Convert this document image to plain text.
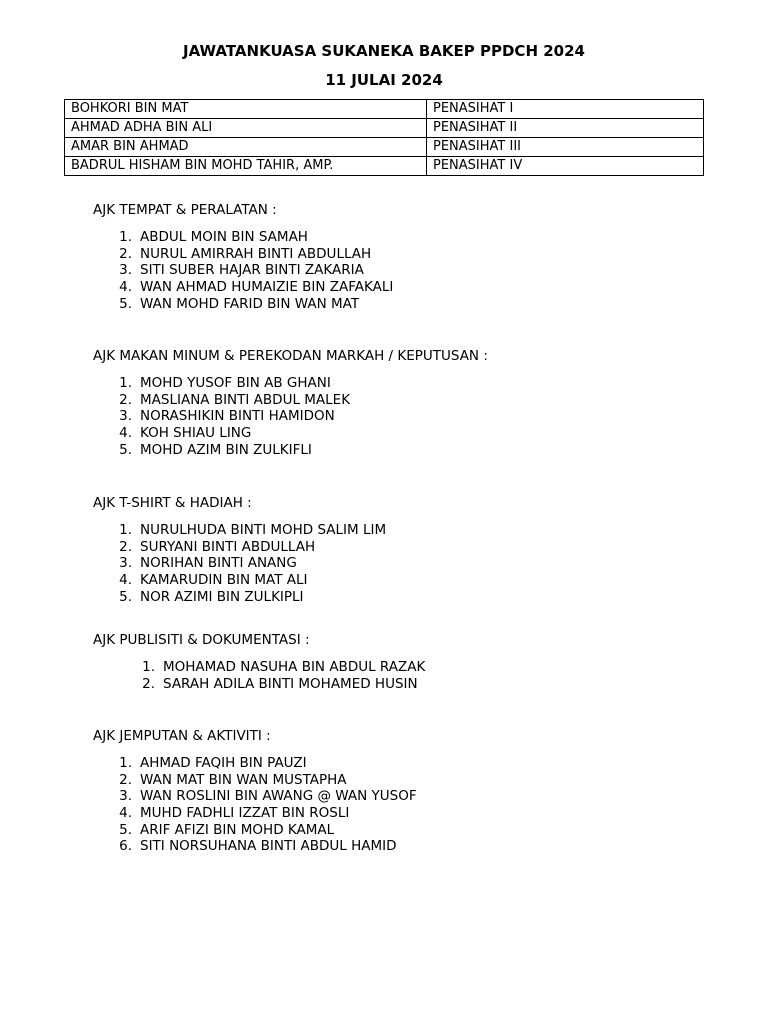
JAWATANKUASA SUKANEKA BAKEP PPDCH 2024
11 JULAI 2024
BOHKORI BIN MAT	PENASIHAT I
AHMAD ADHA BIN ALI	PENASIHAT II
AMAR BIN AHMAD	PENASIHAT III
BADRUL HISHAM BIN MOHD TAHIR, AMP.	PENASIHAT IV

AJK TEMPAT & PERALATAN :

1. ABDUL MOIN BIN SAMAH
2. NURUL AMIRRAH BINTI ABDULLAH
3. SITI SUBER HAJAR BINTI ZAKARIA
4. WAN AHMAD HUMAIZIE BIN ZAFAKALI
5. WAN MOHD FARID BIN WAN MAT

AJK MAKAN MINUM & PEREKODAN MARKAH / KEPUTUSAN :

1. MOHD YUSOF BIN AB GHANI
2. MASLIANA BINTI ABDUL MALEK
3. NORASHIKIN BINTI HAMIDON
4. KOH SHIAU LING
5. MOHD AZIM BIN ZULKIFLI

AJK T-SHIRT & HADIAH :

1. NURULHUDA BINTI MOHD SALIM LIM
2. SURYANI BINTI ABDULLAH
3. NORIHAN BINTI ANANG
4. KAMARUDIN BIN MAT ALI
5. NOR AZIMI BIN ZULKIPLI

AJK PUBLISITI & DOKUMENTASI :

1. MOHAMAD NASUHA BIN ABDUL RAZAK
2. SARAH ADILA BINTI MOHAMED HUSIN

AJK JEMPUTAN & AKTIVITI :

1. AHMAD FAQIH BIN PAUZI
2. WAN MAT BIN WAN MUSTAPHA
3. WAN ROSLINI BIN AWANG @ WAN YUSOF
4. MUHD FADHLI IZZAT BIN ROSLI
5. ARIF AFIZI BIN MOHD KAMAL
6. SITI NORSUHANA BINTI ABDUL HAMID
